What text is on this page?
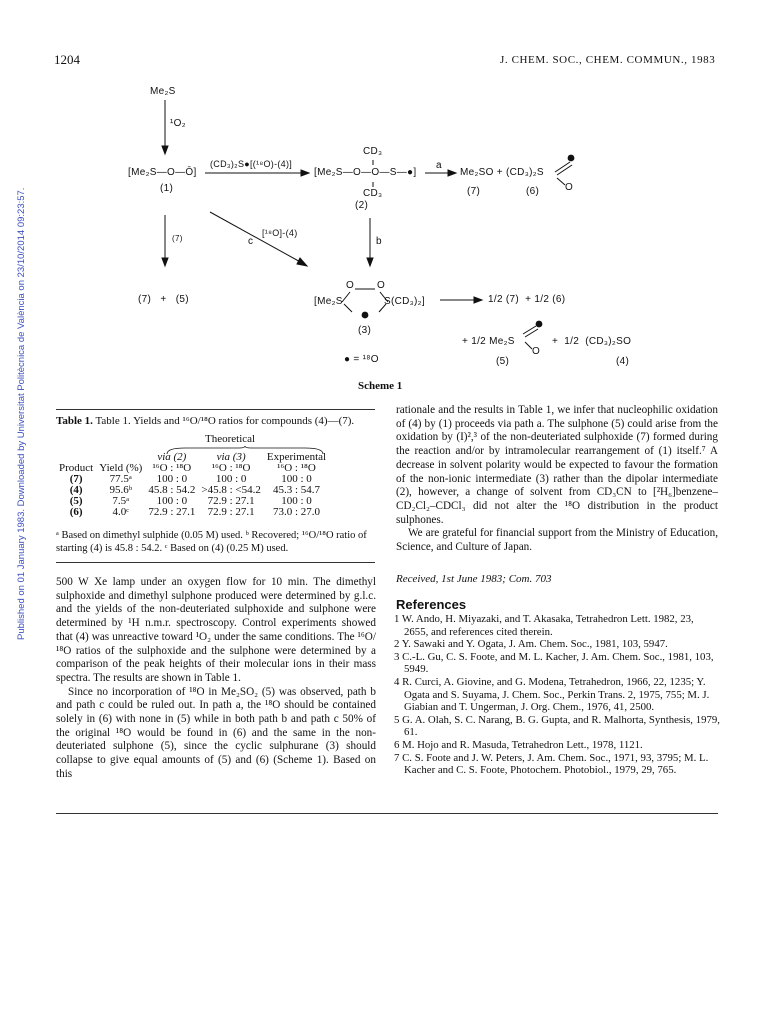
1204	J. CHEM. SOC., CHEM. COMMUN., 1983
Published on 01 January 1983. Downloaded by Universitat Politècnica de València on 23/10/2014 09:23:57.
Me₂S
¹O₂
[Me₂S—O—Ō]
(1)
(CD₃)₂S●[(¹⁸O)-(4)]
CD₃
[Me₂S—O—O—S—●]
CD₃
(2)
a
Me₂SO + (CD₃)₂S
O
(7)	(6)
(7)	c
[¹⁸O]-(4)
b
(7)   +   (5)
O O
[Me₂S	S(CD₃)₂]	1/2 (7)  + 1/2 (6)
(3)
+ 1/2 Me₂S
O
+  1/2  (CD₃)₂SO
● = ¹⁸O	(5)	(4)
Scheme 1
Table 1. Table 1. Yields and ¹⁶O/¹⁸O ratios for compounds (4)—(7).
Theoretical
		via (2)	via (3)	Experimental
Product	Yield (%)	¹⁶O : ¹⁸O	¹⁶O : ¹⁸O	¹⁶O : ¹⁸O
(7)	77.5ᵃ	100 : 0	100 : 0	100 : 0
(4)	95.6ᵇ	45.8 : 54.2	>45.8 : <54.2	45.3 : 54.7
(5)	7.5ᵃ	100 : 0	72.9 : 27.1	100 : 0
(6)	4.0ᶜ	72.9 : 27.1	72.9 : 27.1	73.0 : 27.0
ᵃ Based on dimethyl sulphide (0.05 M) used. ᵇ Recovered; ¹⁶O/¹⁸O ratio of starting (4) is 45.8 : 54.2. ᶜ Based on (4) (0.25 M) used.

500 W Xe lamp under an oxygen flow for 10 min. The dimethyl sulphoxide and dimethyl sulphone produced were determined by g.l.c. and the yields of the non-deuteriated sulphoxide and sulphone were determined by ¹H n.m.r. spectroscopy. Control experiments showed that (4) was unreactive toward ¹O₂ under the same conditions. The ¹⁶O/¹⁸O ratios of the sulphoxide and the sulphone were determined by a comparison of the peak heights of their molecular ions in their mass spectra. The results are shown in Table 1.

Since no incorporation of ¹⁸O in Me₂SO₂ (5) was observed, path b and path c could be ruled out. In path a, the ¹⁸O should be contained solely in (6) with none in (5) while in both path b and path c 50% of the original ¹⁸O would be found in (6) and the same in the non-deuteriated sulphone (5), since the cyclic sulphurane (3) should collapse to give equal amounts of (5) and (6) (Scheme 1). Based on this

rationale and the results in Table 1, we infer that nucleophilic oxidation of (4) by (1) proceeds via path a. The sulphone (5) could arise from the oxidation by (I)²,³ of the non-deuteriated sulphoxide (7) formed during the reaction and/or by intramolecular rearrangement of (1) itself.⁷ A decrease in solvent polarity would be expected to favour the formation of the non-ionic intermediate (3) rather than the dipolar intermediate (2), however, a change of solvent from CD₃CN to [²H₆]benzene–CD₂Cl₂–CDCl₃ did not alter the ¹⁸O distribution in the product sulphones.

We are grateful for financial support from the Ministry of Education, Science, and Culture of Japan.

Received, 1st June 1983; Com. 703
References

1 W. Ando, H. Miyazaki, and T. Akasaka, Tetrahedron Lett. 1982, 23, 2655, and references cited therein.

2 Y. Sawaki and Y. Ogata, J. Am. Chem. Soc., 1981, 103, 5947.

3 C.-L. Gu, C. S. Foote, and M. L. Kacher, J. Am. Chem. Soc., 1981, 103, 5949.

4 R. Curci, A. Giovine, and G. Modena, Tetrahedron, 1966, 22, 1235; Y. Ogata and S. Suyama, J. Chem. Soc., Perkin Trans. 2, 1975, 755; M. J. Giabian and T. Ungerman, J. Org. Chem., 1976, 41, 2500.

5 G. A. Olah, S. C. Narang, B. G. Gupta, and R. Malhorta, Synthesis, 1979, 61.

6 M. Hojo and R. Masuda, Tetrahedron Lett., 1978, 1121.

7 C. S. Foote and J. W. Peters, J. Am. Chem. Soc., 1971, 93, 3795; M. L. Kacher and C. S. Foote, Photochem. Photobiol., 1979, 29, 765.
